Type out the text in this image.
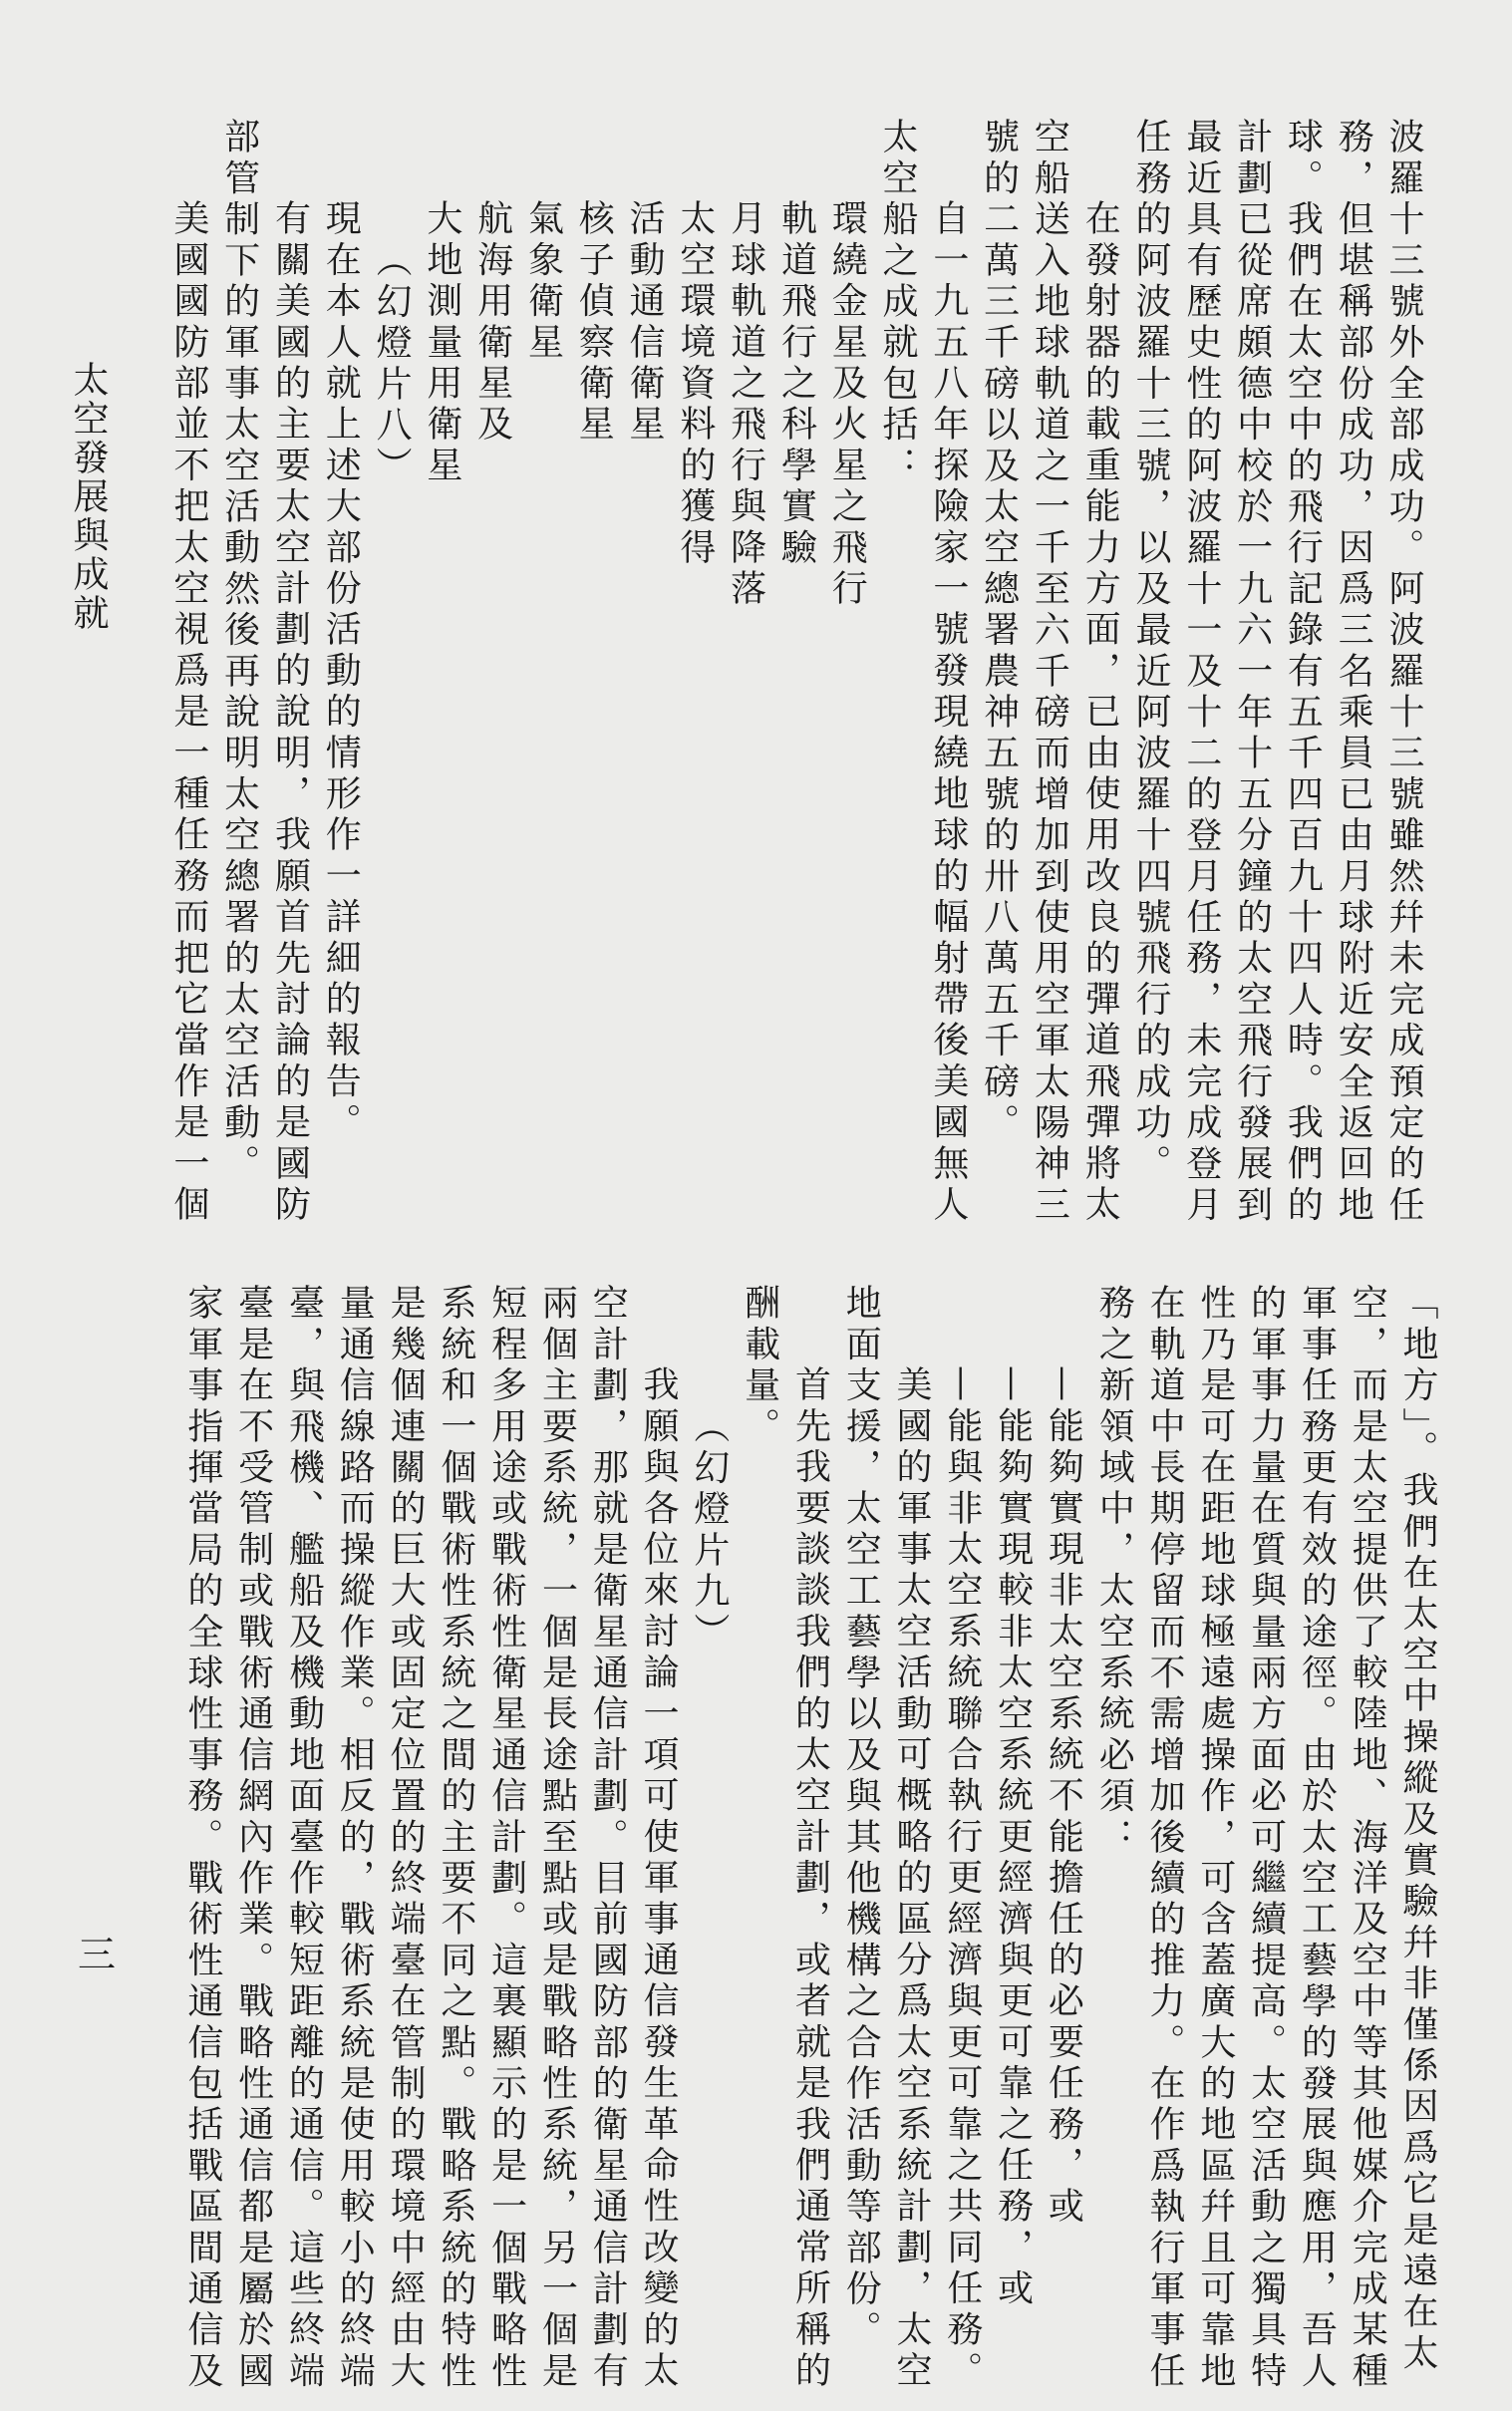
太空發展與成就
三
波羅十三號外全部成功。阿波羅十三號雖然幷未完成預定的任
務，但堪稱部份成功，因爲三名乘員已由月球附近安全返回地
球。我們在太空中的飛行記錄有五千四百九十四人時。我們的
計劃已從席頗德中校於一九六一年十五分鐘的太空飛行發展到
最近具有歷史性的阿波羅十一及十二的登月任務，未完成登月
任務的阿波羅十三號，以及最近阿波羅十四號飛行的成功。
在發射器的載重能力方面，已由使用改良的彈道飛彈將太
空船送入地球軌道之一千至六千磅而增加到使用空軍太陽神三
號的二萬三千磅以及太空總署農神五號的卅八萬五千磅。
自一九五八年探險家一號發現繞地球的幅射帶後美國無人
太空船之成就包括：
環繞金星及火星之飛行
軌道飛行之科學實驗
月球軌道之飛行與降落
太空環境資料的獲得
活動通信衛星
核子偵察衛星
氣象衛星
航海用衛星及
大地測量用衛星
（幻燈片八）
現在本人就上述大部份活動的情形作一詳細的報告。
有關美國的主要太空計劃的說明，我願首先討論的是國防
部管制下的軍事太空活動然後再說明太空總署的太空活動。
美國國防部並不把太空視爲是一種任務而把它當作是一個
「地方」。我們在太空中操縱及實驗幷非僅係因爲它是遠在太
空，而是太空提供了較陸地、海洋及空中等其他媒介完成某種
軍事任務更有效的途徑。由於太空工藝學的發展與應用，吾人
的軍事力量在質與量兩方面必可繼續提高。太空活動之獨具特
性乃是可在距地球極遠處操作，可含蓋廣大的地區幷且可靠地
在軌道中長期停留而不需增加後續的推力。在作爲執行軍事任
務之新領域中，太空系統必須：
—能夠實現非太空系統不能擔任的必要任務，或
—能夠實現較非太空系統更經濟與更可靠之任務，或
—能與非太空系統聯合執行更經濟與更可靠之共同任務。
美國的軍事太空活動可概略的區分爲太空系統計劃，太空
地面支援，太空工藝學以及與其他機構之合作活動等部份。
首先我要談談我們的太空計劃，或者就是我們通常所稱的
酬載量。
（幻燈片九）
我願與各位來討論一項可使軍事通信發生革命性改變的太
空計劃，那就是衛星通信計劃。目前國防部的衛星通信計劃有
兩個主要系統，一個是長途點至點或是戰略性系統，另一個是
短程多用途或戰術性衛星通信計劃。這裏顯示的是一個戰略性
系統和一個戰術性系統之間的主要不同之點。戰略系統的特性
是幾個連關的巨大或固定位置的終端臺在管制的環境中經由大
量通信線路而操縱作業。相反的，戰術系統是使用較小的終端
臺，與飛機、艦船及機動地面臺作較短距離的通信。這些終端
臺是在不受管制或戰術通信網內作業。戰略性通信都是屬於國
家軍事指揮當局的全球性事務。戰術性通信包括戰區間通信及
